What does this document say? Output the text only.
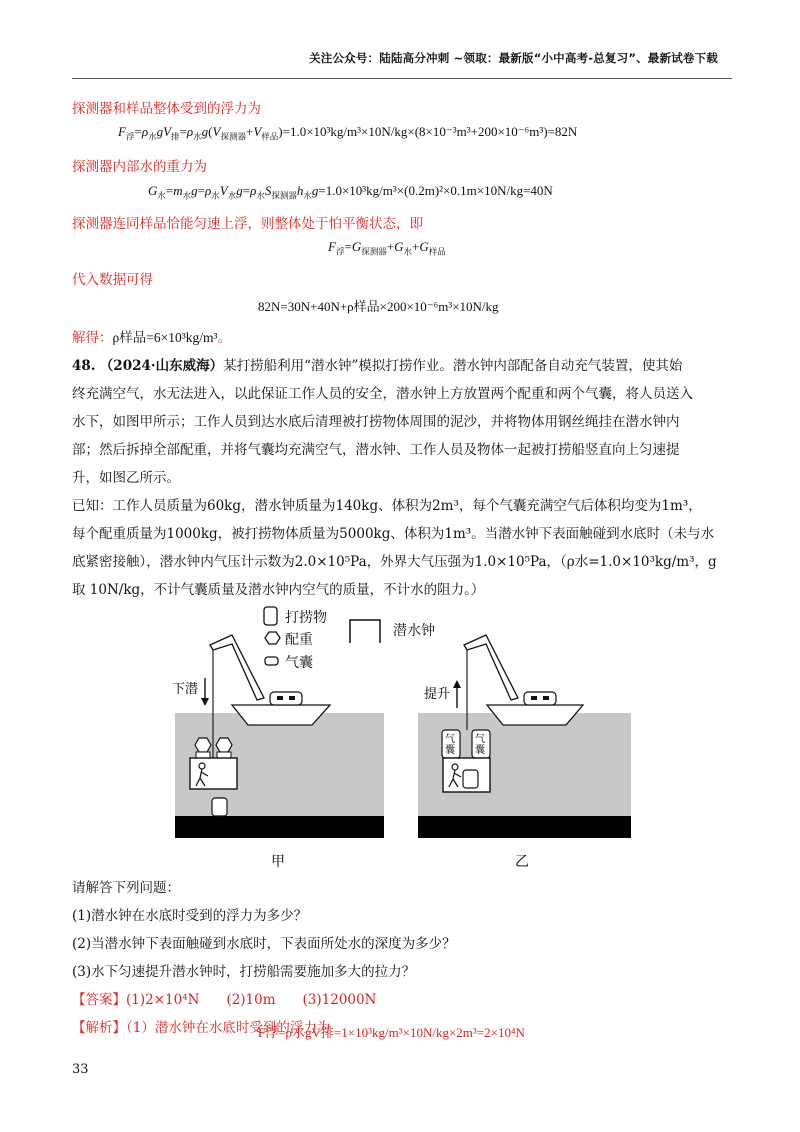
关注公众号：陆陆高分冲刺 ~领取：最新版“小中高考-总复习”、最新试卷下载
探测器和样品整体受到的浮力为
$F_浮=\rho_水gV_排=\rho_水g(V_{探测器}+V_{样品})=1.0\times 10^3kg/m^3\times 10N/kg\times(8\times 10^{-3}m^3+200\times 10^{-6}m^3)=82N$
探测器内部水的重力为
$G_水=m_水g=\rho_水V_水g=\rho_水S_{探测器}h_水g=1.0\times 10^3kg/m^3\times(0.2m)^2\times 0.1m\times 10N/kg=40N$
探测器连同样品恰能匀速上浮，则整体处于怕平衡状态，即
$F_浮=G_{探测器}+G_水+G_{样品}$
代入数据可得
82N=30N+40N+ρ样品×200×10⁻⁶m³×10N/kg
解得：ρ样品=6×10³kg/m³。
48. （2024·山东威海）某打捞船利用“潜水钟”模拟打捞作业。潜水钟内部配备自动充气装置，使其始
终充满空气，水无法进入，以此保证工作人员的安全，潜水钟上方放置两个配重和两个气囊，将人员送入
水下，如图甲所示；工作人员到达水底后清理被打捞物体周围的泥沙，并将物体用钢丝绳挂在潜水钟内
部；然后拆掉全部配重，并将气囊均充满空气，潜水钟、工作人员及物体一起被打捞船竖直向上匀速提
升，如图乙所示。
已知：工作人员质量为60kg，潜水钟质量为140kg、体积为2m³，每个气囊充满空气后体积均变为1m³，
每个配重质量为1000kg，被打捞物体质量为5000kg、体积为1m³。当潜水钟下表面触碰到水底时（未与水
底紧密接触），潜水钟内气压计示数为2.0×10⁵Pa，外界大气压强为1.0×10⁵Pa，（ρ水=1.0×10³kg/m³，g
取 10N/kg，不计气囊质量及潜水钟内空气的质量，不计水的阻力。）
打捞物
配重
气囊
潜水钟
下潜
甲
提升
气囊
气囊
乙
请解答下列问题：
(1)潜水钟在水底时受到的浮力为多少？
(2)当潜水钟下表面触碰到水底时，下表面所处水的深度为多少？
(3)水下匀速提升潜水钟时，打捞船需要施加多大的拉力？
【答案】(1)2×10⁴N　　(2)10m　　(3)12000N
【解析】（1）潜水钟在水底时受到的浮力为
F浮=ρ水gV排=1×10³kg/m³×10N/kg×2m³=2×10⁴N
33
